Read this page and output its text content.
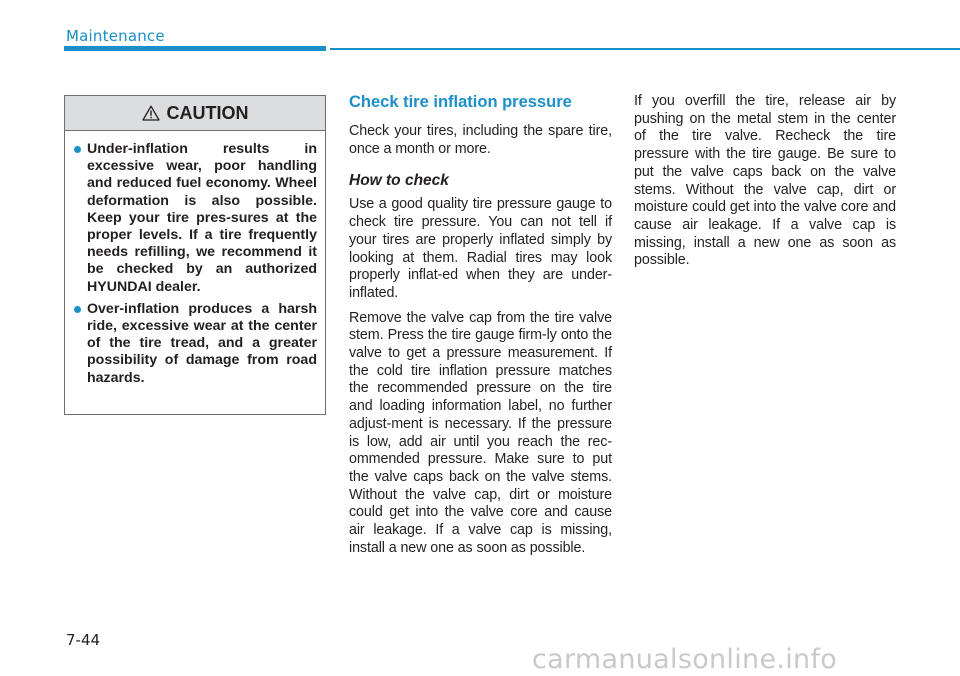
Maintenance
CAUTION
Under-inflation results in excessive wear, poor handling and reduced fuel economy. Wheel deformation is also possible. Keep your tire pres-sures at the proper levels. If a tire frequently needs refilling, we recommend it be checked by an authorized HYUNDAI dealer.
Over-inflation produces a harsh ride, excessive wear at the center of the tire tread, and a greater possibility of damage from road hazards.
Check tire inflation pressure

Check your tires, including the spare tire, once a month or more.

How to check

Use a good quality tire pressure gauge to check tire pressure. You can not tell if your tires are properly inflated simply by looking at them. Radial tires may look properly inflat-ed when they are under-inflated.

Remove the valve cap from the tire valve stem. Press the tire gauge firm-ly onto the valve to get a pressure measurement. If the cold tire inflation pressure matches the recommended pressure on the tire and loading information label, no further adjust-ment is necessary. If the pressure is low, add air until you reach the rec-ommended pressure. Make sure to put the valve caps back on the valve stems. Without the valve cap, dirt or moisture could get into the valve core and cause air leakage. If a valve cap is missing, install a new one as soon as possible.

If you overfill the tire, release air by pushing on the metal stem in the center of the tire valve. Recheck the tire pressure with the tire gauge. Be sure to put the valve caps back on the valve stems. Without the valve cap, dirt or moisture could get into the valve core and cause air leakage. If a valve cap is missing, install a new one as soon as possible.

7-44
carmanualsonline.info
